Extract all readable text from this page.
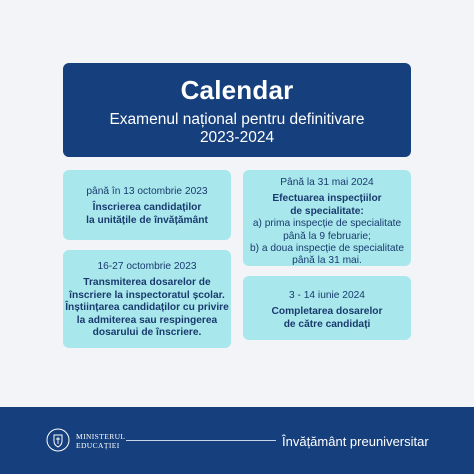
Calendar
Examenul național pentru definitivare
2023-2024
până în 13 octombrie 2023
Înscrierea candidaților
la unitățile de învățământ
16-27 octombrie 2023
Transmiterea dosarelor de
înscriere la inspectoratul școlar.
Înștiințarea candidaților cu privire
la admiterea sau respingerea
dosarului de înscriere.
Până la 31 mai 2024
Efectuarea inspecțiilor
de specialitate:
a) prima inspecție de specialitate
până la 9 februarie;
b) a doua inspecție de specialitate
până la 31 mai.
3 - 14 iunie 2024
Completarea dosarelor
de către candidați
MINISTERUL
EDUCAȚIEI	Învățământ preuniversitar
